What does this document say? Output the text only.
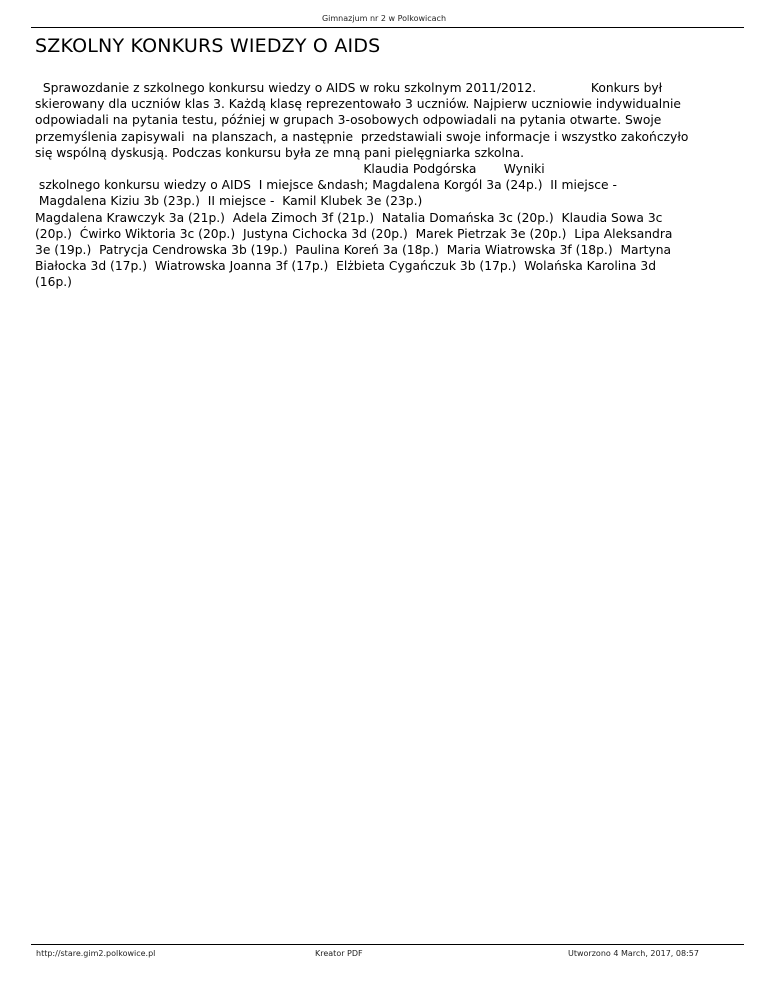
Gimnazjum nr 2 w Polkowicach
SZKOLNY KONKURS WIEDZY O AIDS

Sprawozdanie z szkolnego konkursu wiedzy o AIDS w roku szkolnym 2011/2012.              Konkurs był
skierowany dla uczniów klas 3. Każdą klasę reprezentowało 3 uczniów. Najpierw uczniowie indywidualnie
odpowiadali na pytania testu, później w grupach 3-osobowych odpowiadali na pytania otwarte. Swoje
przemyślenia zapisywali  na planszach, a następnie  przedstawiali swoje informacje i wszystko zakończyło
się wspólną dyskusją. Podczas konkursu była ze mną pani pielęgniarka szkolna.
Klaudia Podgórska       Wyniki
szkolnego konkursu wiedzy o AIDS  I miejsce &ndash; Magdalena Korgól 3a (24p.)  II miejsce -
Magdalena Kiziu 3b (23p.)  II miejsce -  Kamil Klubek 3e (23p.)
Magdalena Krawczyk 3a (21p.)  Adela Zimoch 3f (21p.)  Natalia Domańska 3c (20p.)  Klaudia Sowa 3c
(20p.)  Ćwirko Wiktoria 3c (20p.)  Justyna Cichocka 3d (20p.)  Marek Pietrzak 3e (20p.)  Lipa Aleksandra
3e (19p.)  Patrycja Cendrowska 3b (19p.)  Paulina Koreń 3a (18p.)  Maria Wiatrowska 3f (18p.)  Martyna
Białocka 3d (17p.)  Wiatrowska Joanna 3f (17p.)  Elżbieta Cygańczuk 3b (17p.)  Wolańska Karolina 3d
(16p.)

http://stare.gim2.polkowice.pl	Kreator PDF	Utworzono 4 March, 2017, 08:57
